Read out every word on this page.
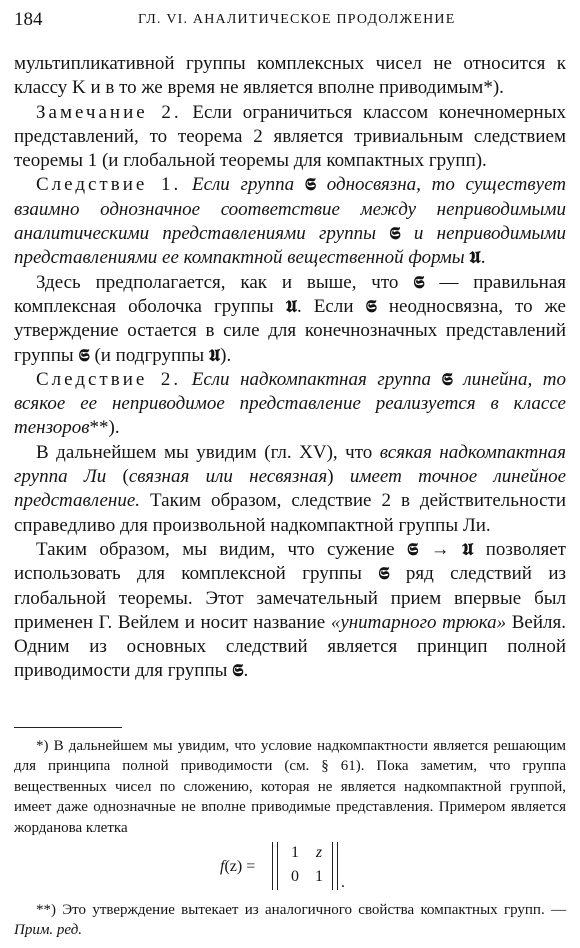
184	ГЛ. VI. АНАЛИТИЧЕСКОЕ ПРОДОЛЖЕНИЕ

мультипликативной группы комплексных чисел не относится к классу K и в то же время не является вполне приводимым*).

Замечание 2. Если ограничиться классом конечномерных представлений, то теорема 2 является тривиальным следствием теоремы 1 (и глобальной теоремы для компактных групп).

Следствие 1. Если группа 𝕾 односвязна, то существует взаимно однозначное соответствие между неприводимыми аналитическими представлениями группы 𝕾 и неприводимыми представлениями ее компактной вещественной формы 𝖀.

Здесь предполагается, как и выше, что 𝕾 — правильная комплексная оболочка группы 𝖀. Если 𝕾 неодносвязна, то же утверждение остается в силе для конечнозначных представлений группы 𝕾 (и подгруппы 𝖀).

Следствие 2. Если надкомпактная группа 𝕾 линейна, то всякое ее неприводимое представление реализуется в классе тензоров**).

В дальнейшем мы увидим (гл. XV), что всякая надкомпактная группа Ли (связная или несвязная) имеет точное линейное представление. Таким образом, следствие 2 в действительности справедливо для произвольной надкомпактной группы Ли.

Таким образом, мы видим, что сужение 𝕾 → 𝖀 позволяет использовать для комплексной группы 𝕾 ряд следствий из глобальной теоремы. Этот замечательный прием впервые был применен Г. Вейлем и носит название «унитарного трюка» Вейля. Одним из основных следствий является принцип полной приводимости для группы 𝕾.

*) В дальнейшем мы увидим, что условие надкомпактности является решающим для принципа полной приводимости (см. § 61). Пока заметим, что группа вещественных чисел по сложению, которая не является надкомпактной группой, имеет даже однозначные не вполне приводимые представления. Примером является жорданова клетка

f(z) =
1 z
0 1 .

**) Это утверждение вытекает из аналогичного свойства компактных групп. — Прим. ред.
